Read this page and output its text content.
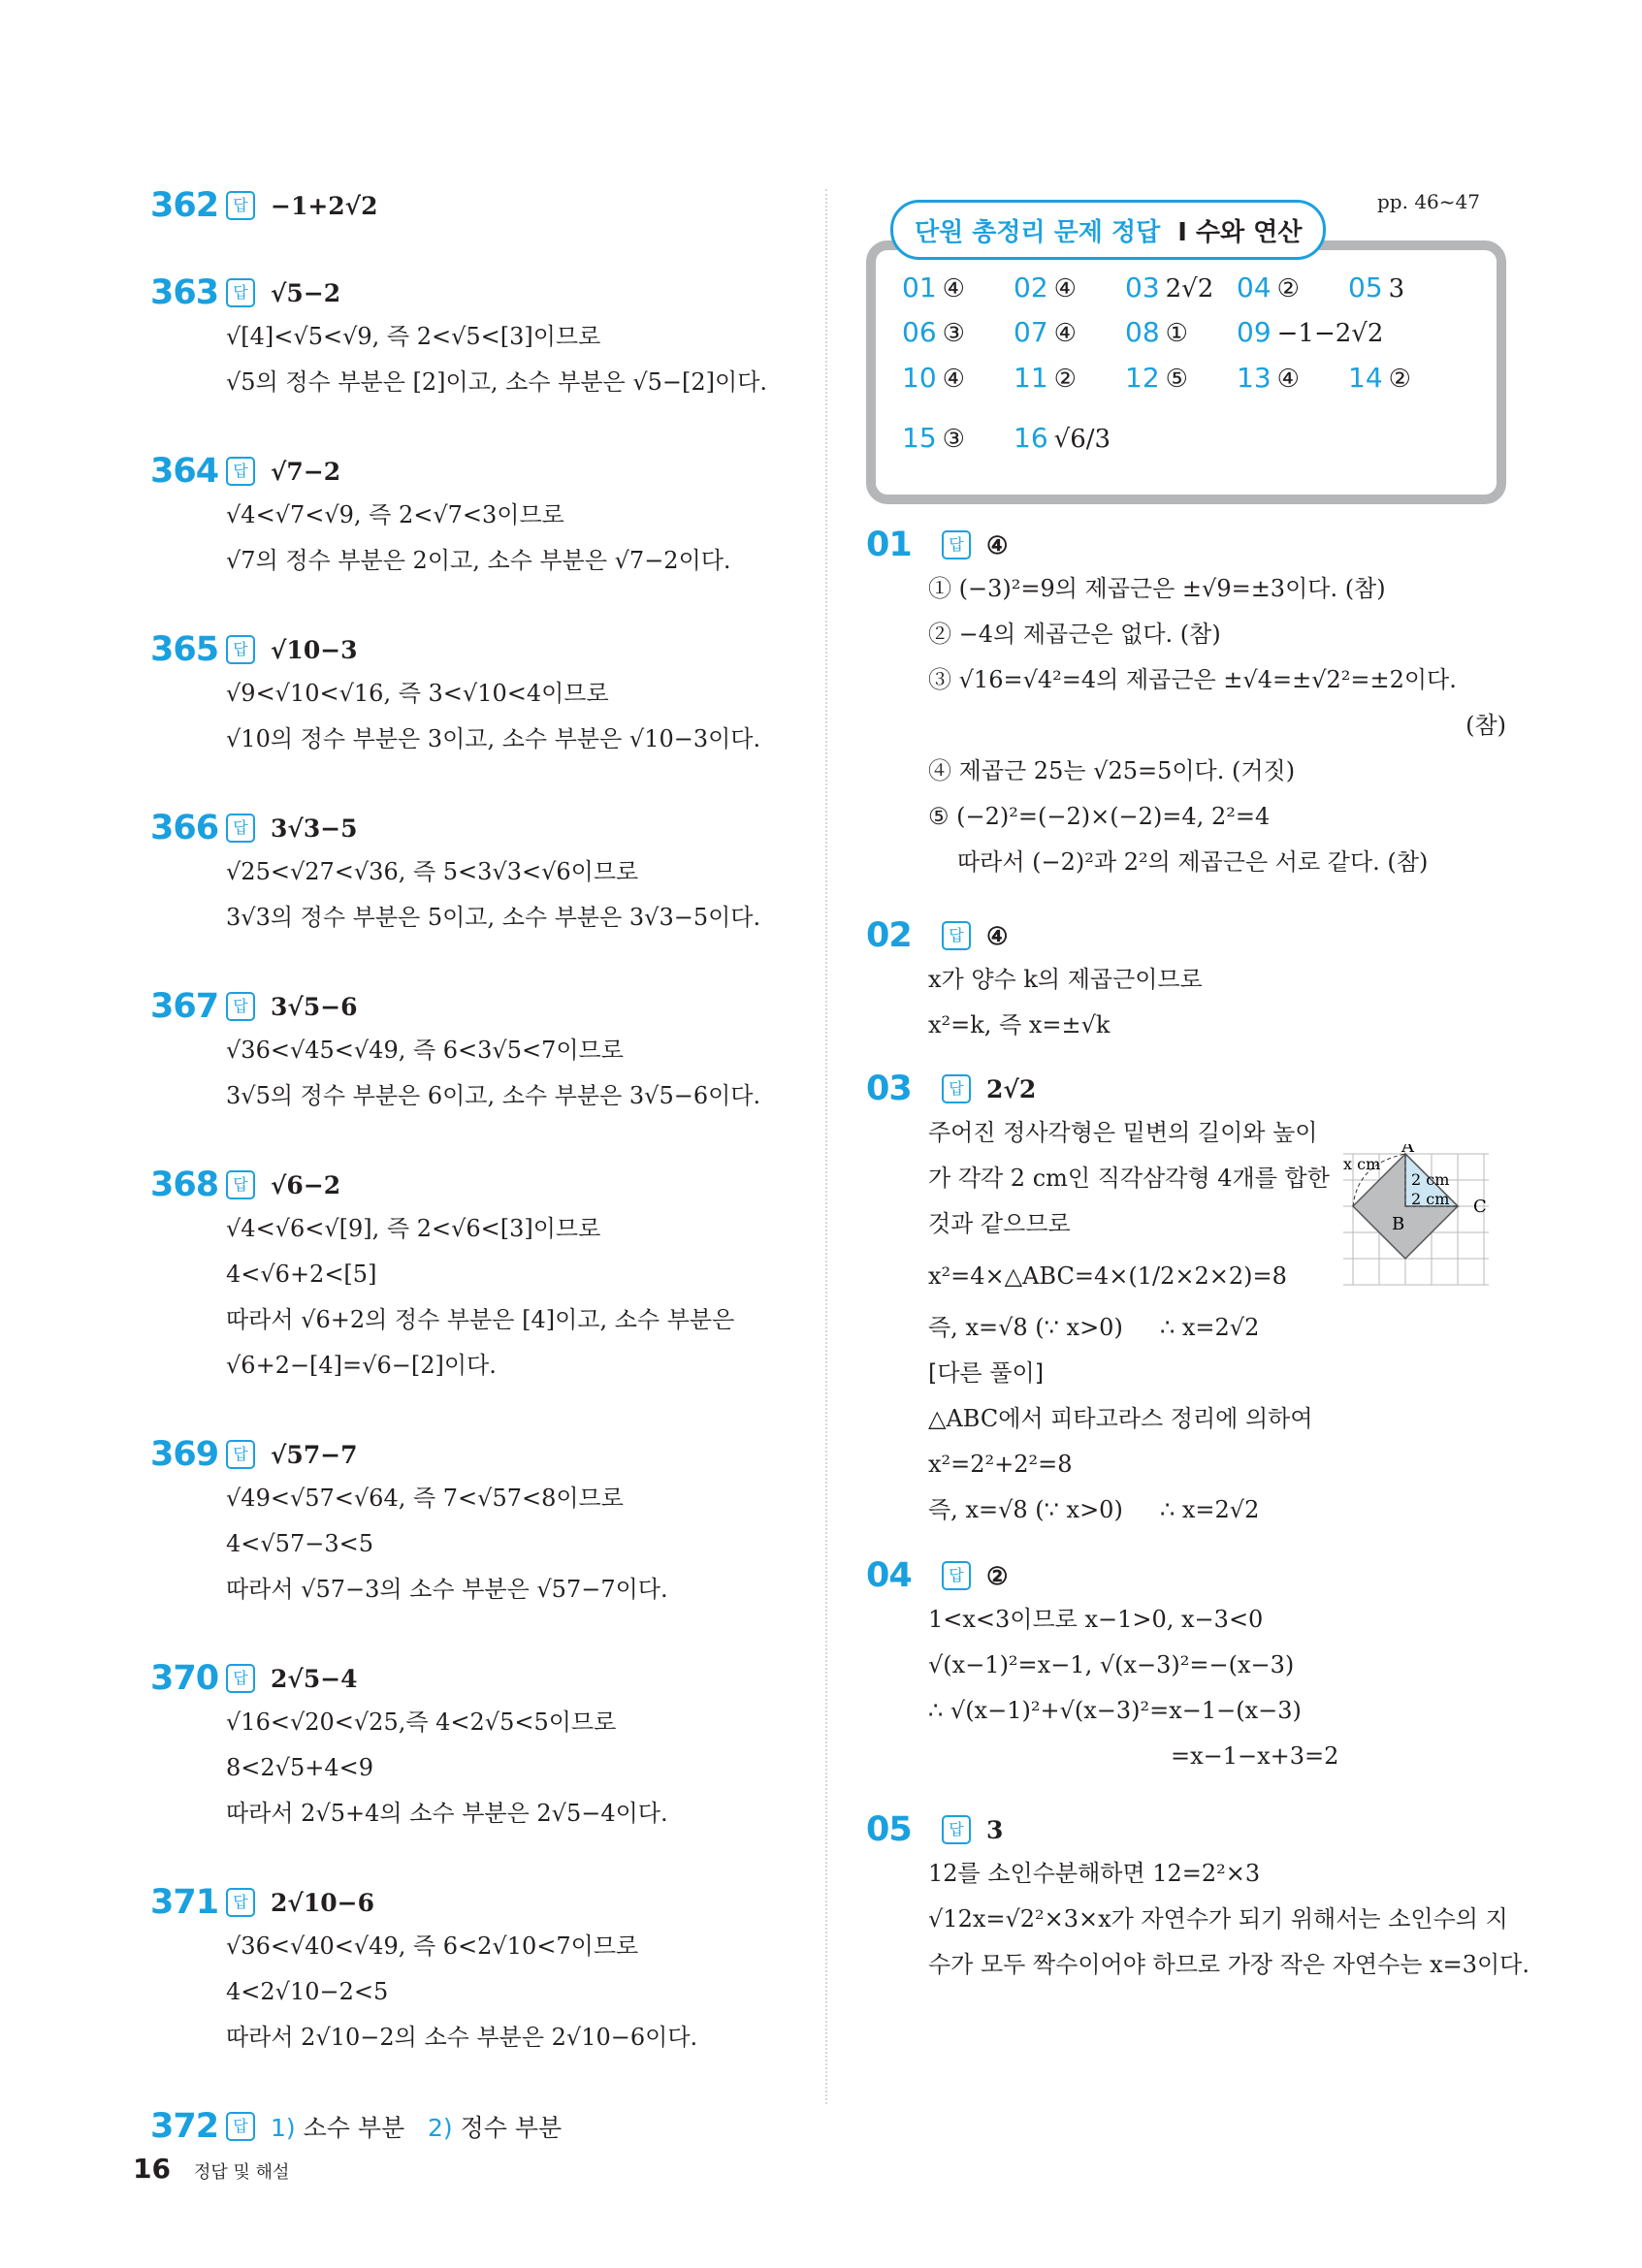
362 답 −1+2√2
363 답 √5−2
√[4]<√5<√9, 즉 2<√5<[3]이므로
√5의 정수 부분은 [2]이고, 소수 부분은 √5−[2]이다.
364 답 √7−2
√4<√7<√9, 즉 2<√7<3이므로
√7의 정수 부분은 2이고, 소수 부분은 √7−2이다.
365 답 √10−3
√9<√10<√16, 즉 3<√10<4이므로
√10의 정수 부분은 3이고, 소수 부분은 √10−3이다.
366 답 3√3−5
√25<√27<√36, 즉 5<3√3<√6이므로
3√3의 정수 부분은 5이고, 소수 부분은 3√3−5이다.
367 답 3√5−6
√36<√45<√49, 즉 6<3√5<7이므로
3√5의 정수 부분은 6이고, 소수 부분은 3√5−6이다.
368 답 √6−2
√4<√6<√[9], 즉 2<√6<[3]이므로
4<√6+2<[5]
따라서 √6+2의 정수 부분은 [4]이고, 소수 부분은
√6+2−[4]=√6−[2]이다.
369 답 √57−7
√49<√57<√64, 즉 7<√57<8이므로
4<√57−3<5
따라서 √57−3의 소수 부분은 √57−7이다.
370 답 2√5−4
√16<√20<√25,즉 4<2√5<5이므로
8<2√5+4<9
따라서 2√5+4의 소수 부분은 2√5−4이다.
371 답 2√10−6
√36<√40<√49, 즉 6<2√10<7이므로
4<2√10−2<5
따라서 2√10−2의 소수 부분은 2√10−6이다.
372 답 1) 소수 부분 2) 정수 부분
pp. 46~47
단원 총정리 문제 정답 Ⅰ 수와 연산
01 ④ 02 ④ 03 2√2 04 ② 05 3
06 ③ 07 ④ 08 ① 09 −1−2√2
10 ④ 11 ② 12 ⑤ 13 ④ 14 ②
15 ③ 16 √6/3
01	답 ④
① (−3)²=9의 제곱근은 ±√9=±3이다. (참)
② −4의 제곱근은 없다. (참)
③ √16=√4²=4의 제곱근은 ±√4=±√2²=±2이다.
(참)
④ 제곱근 25는 √25=5이다. (거짓)
⑤ (−2)²=(−2)×(−2)=4, 2²=4
따라서 (−2)²과 2²의 제곱근은 서로 같다. (참)
02	답 ④
x가 양수 k의 제곱근이므로
x²=k, 즉 x=±√k
03	답 2√2
주어진 정사각형은 밑변의 길이와 높이
가 각각 2 cm인 직각삼각형 4개를 합한
것과 같으므로
x²=4×△ABC=4×(1/2×2×2)=8
즉, x=√8 (∵ x>0)     ∴ x=2√2
[다른 풀이]
△ABC에서 피타고라스 정리에 의하여
x²=2²+2²=8
즉, x=√8 (∵ x>0)     ∴ x=2√2
04	답 ②
1<x<3이므로 x−1>0, x−3<0
√(x−1)²=x−1, √(x−3)²=−(x−3)
∴ √(x−1)²+√(x−3)²=x−1−(x−3)
=x−1−x+3=2
05	답 3
12를 소인수분해하면 12=2²×3
√12x=√2²×3×x가 자연수가 되기 위해서는 소인수의 지
수가 모두 짝수이어야 하므로 가장 작은 자연수는 x=3이다.
A
B
C
x cm
2 cm
2 cm
16 정답 및 해설
